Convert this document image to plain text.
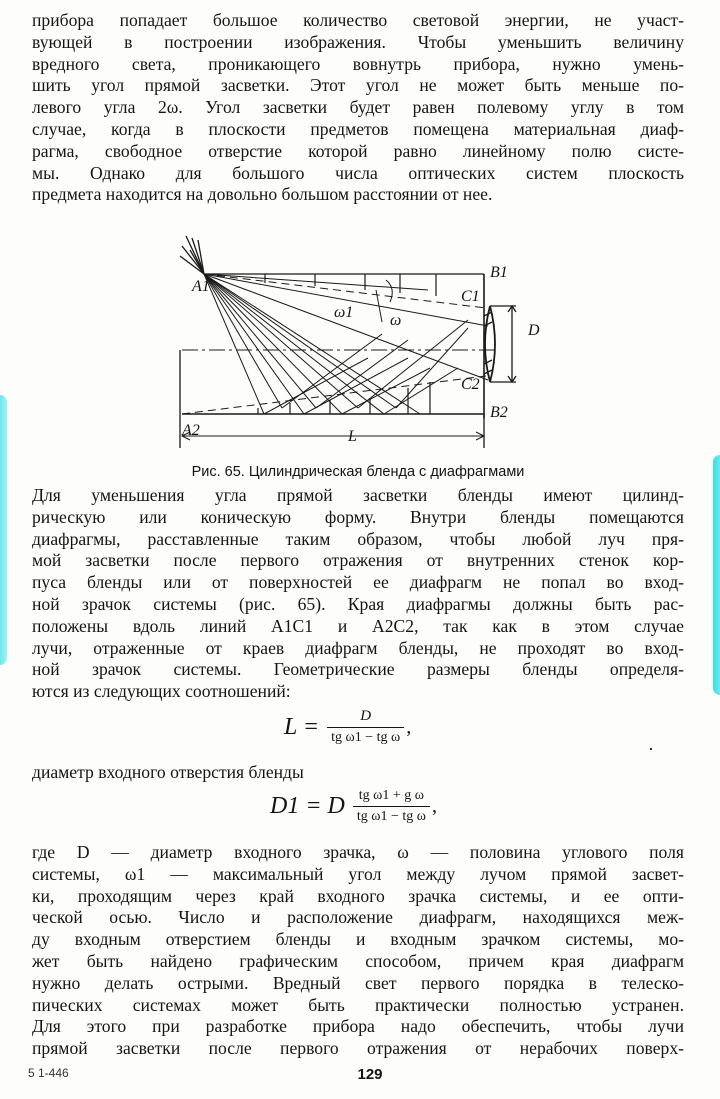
прибора попадает большое количество световой энергии, не участ-
вующей в построении изображения. Чтобы уменьшить величину
вредного света, проникающего вовнутрь прибора, нужно умень-
шить угол прямой засветки. Этот угол не может быть меньше по-
левого угла 2ω. Угол засветки будет равен полевому углу в том
случае, когда в плоскости предметов помещена материальная диаф-
рагма, свободное отверстие которой равно линейному полю систе-
мы. Однако для большого числа оптических систем плоскость
предмета находится на довольно большом расстоянии от нее.
A1
A2
B1
B2
C1
C2
D
L
ω1 ω
Рис. 65. Цилиндрическая бленда с диафрагмами
Для уменьшения угла прямой засветки бленды имеют цилинд-
рическую или коническую форму. Внутри бленды помещаются
диафрагмы, расставленные таким образом, чтобы любой луч пря-
мой засветки после первого отражения от внутренних стенок кор-
пуса бленды или от поверхностей ее диафрагм не попал во вход-
ной зрачок системы (рис. 65). Края диафрагмы должны быть рас-
положены вдоль линий A1C1 и A2C2, так как в этом случае
лучи, отраженные от краев диафрагм бленды, не проходят во вход-
ной зрачок системы. Геометрические размеры бленды определя-
ются из следующих соотношений:
$L = \frac{D}{\text{tg ω1 − tg ω}}$ ,
диаметр входного отверстия бленды
D1 = D $\frac{\text{tg ω1 + g ω}}{\text{tg ω1 − tg ω}}$ ,
где D — диаметр входного зрачка, ω — половина углового поля
системы, ω1 — максимальный угол между лучом прямой засвет-
ки, проходящим через край входного зрачка системы, и ее опти-
ческой осью. Число и расположение диафрагм, находящихся меж-
ду входным отверстием бленды и входным зрачком системы, мо-
жет быть найдено графическим способом, причем края диафрагм
нужно делать острыми. Вредный свет первого порядка в телеско-
пических системах может быть практически полностью устранен.
Для этого при разработке прибора надо обеспечить, чтобы лучи
прямой засветки после первого отражения от нерабочих поверх-
5 1-446	129
